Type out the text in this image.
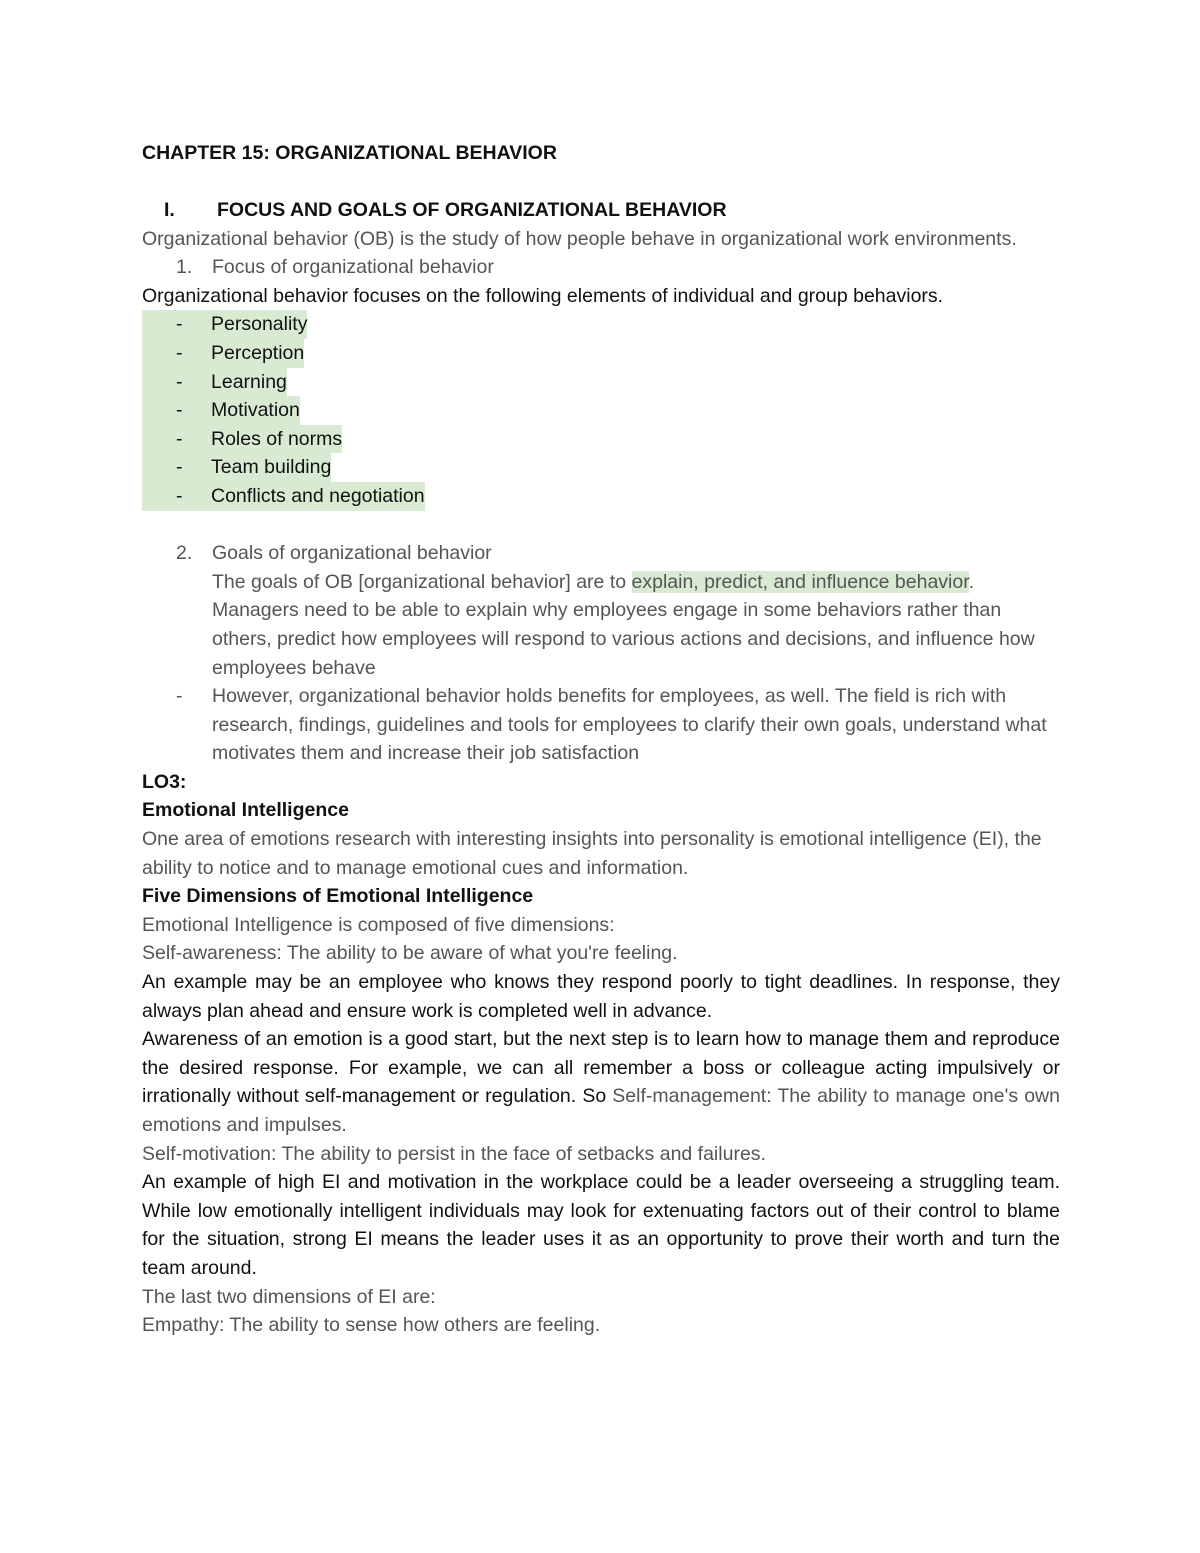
CHAPTER 15: ORGANIZATIONAL BEHAVIOR
I.	FOCUS AND GOALS OF ORGANIZATIONAL BEHAVIOR
Organizational behavior (OB) is the study of how people behave in organizational work environments.
1.	Focus of organizational behavior
Organizational behavior focuses on the following elements of individual and group behaviors.
-	Personality
-	Perception
-	Learning
-	Motivation
-	Roles of norms
-	Team building
-	Conflicts and negotiation
2.	Goals of organizational behavior
The goals of OB [organizational behavior] are to explain, predict, and influence behavior. Managers need to be able to explain why employees engage in some behaviors rather than others, predict how employees will respond to various actions and decisions, and influence how employees behave
-	However, organizational behavior holds benefits for employees, as well. The field is rich with research, findings, guidelines and tools for employees to clarify their own goals, understand what motivates them and increase their job satisfaction
LO3:
Emotional Intelligence
One area of emotions research with interesting insights into personality is emotional intelligence (EI), the ability to notice and to manage emotional cues and information.
Five Dimensions of Emotional Intelligence
Emotional Intelligence is composed of five dimensions:
Self-awareness: The ability to be aware of what you're feeling.
An example may be an employee who knows they respond poorly to tight deadlines. In response, they always plan ahead and ensure work is completed well in advance.
Awareness of an emotion is a good start, but the next step is to learn how to manage them and reproduce the desired response. For example, we can all remember a boss or colleague acting impulsively or irrationally without self-management or regulation. So Self-management: The ability to manage one's own emotions and impulses.
Self-motivation: The ability to persist in the face of setbacks and failures.
An example of high EI and motivation in the workplace could be a leader overseeing a struggling team. While low emotionally intelligent individuals may look for extenuating factors out of their control to blame for the situation, strong EI means the leader uses it as an opportunity to prove their worth and turn the team around.
The last two dimensions of EI are:
Empathy: The ability to sense how others are feeling.
